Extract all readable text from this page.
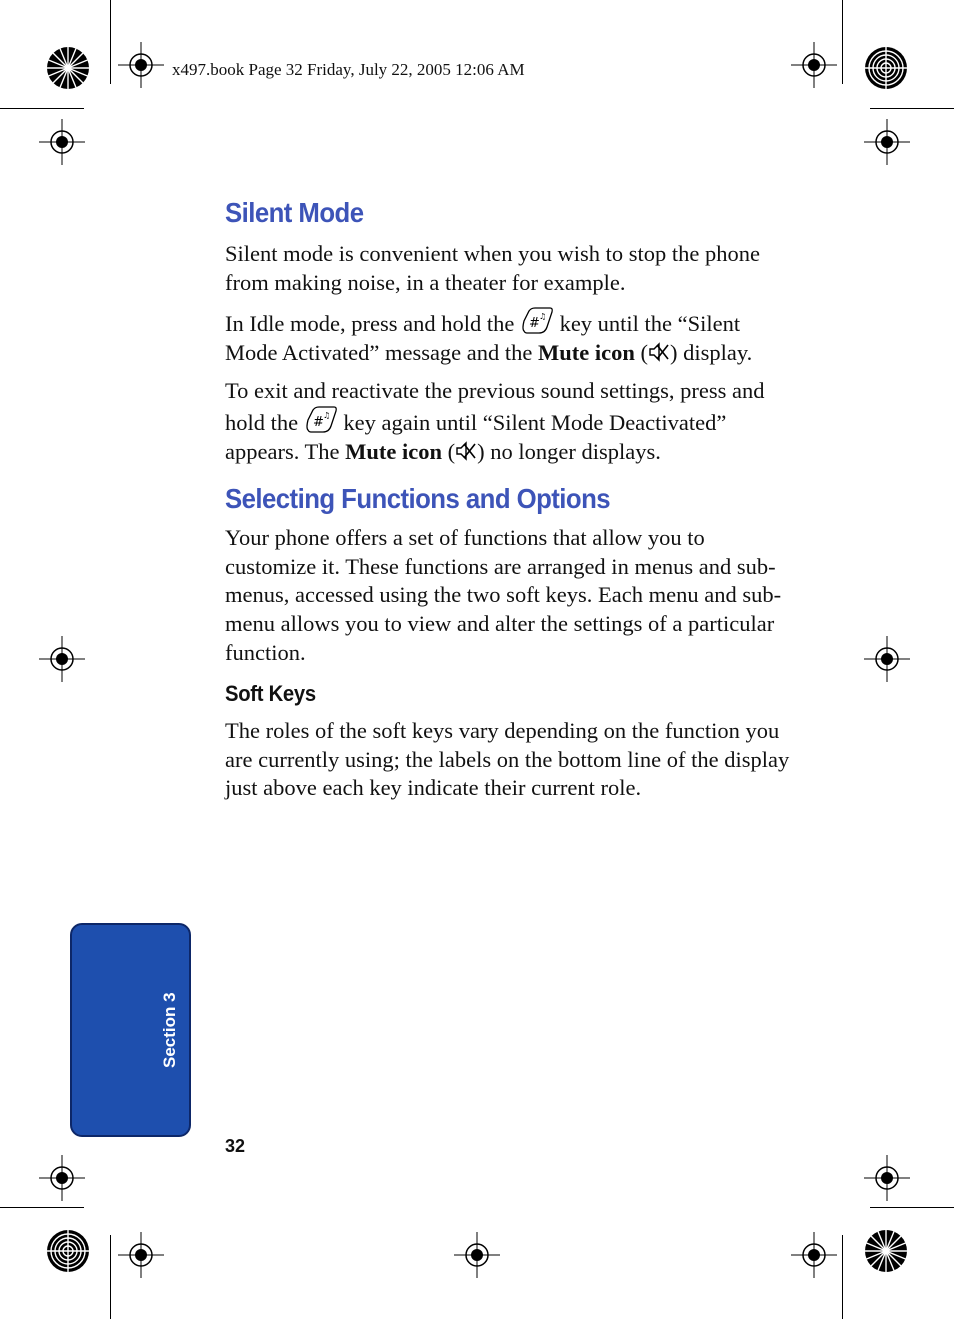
x497.book Page 32 Friday, July 22, 2005 12:06 AM
Silent Mode

Silent mode is convenient when you wish to stop the phone from making noise, in a theater for example.

In Idle mode, press and hold the # ♫ key until the “Silent Mode Activated” message and the Mute icon ( ) display.

To exit and reactivate the previous sound settings, press and hold the # ♫ key again until “Silent Mode Deactivated” appears. The Mute icon ( ) no longer displays.

Selecting Functions and Options

Your phone offers a set of functions that allow you to customize it. These functions are arranged in menus and sub-menus, accessed using the two soft keys. Each menu and sub-menu allows you to view and alter the settings of a particular function.

Soft Keys

The roles of the soft keys vary depending on the function you are currently using; the labels on the bottom line of the display just above each key indicate their current role.

Section 3
32
